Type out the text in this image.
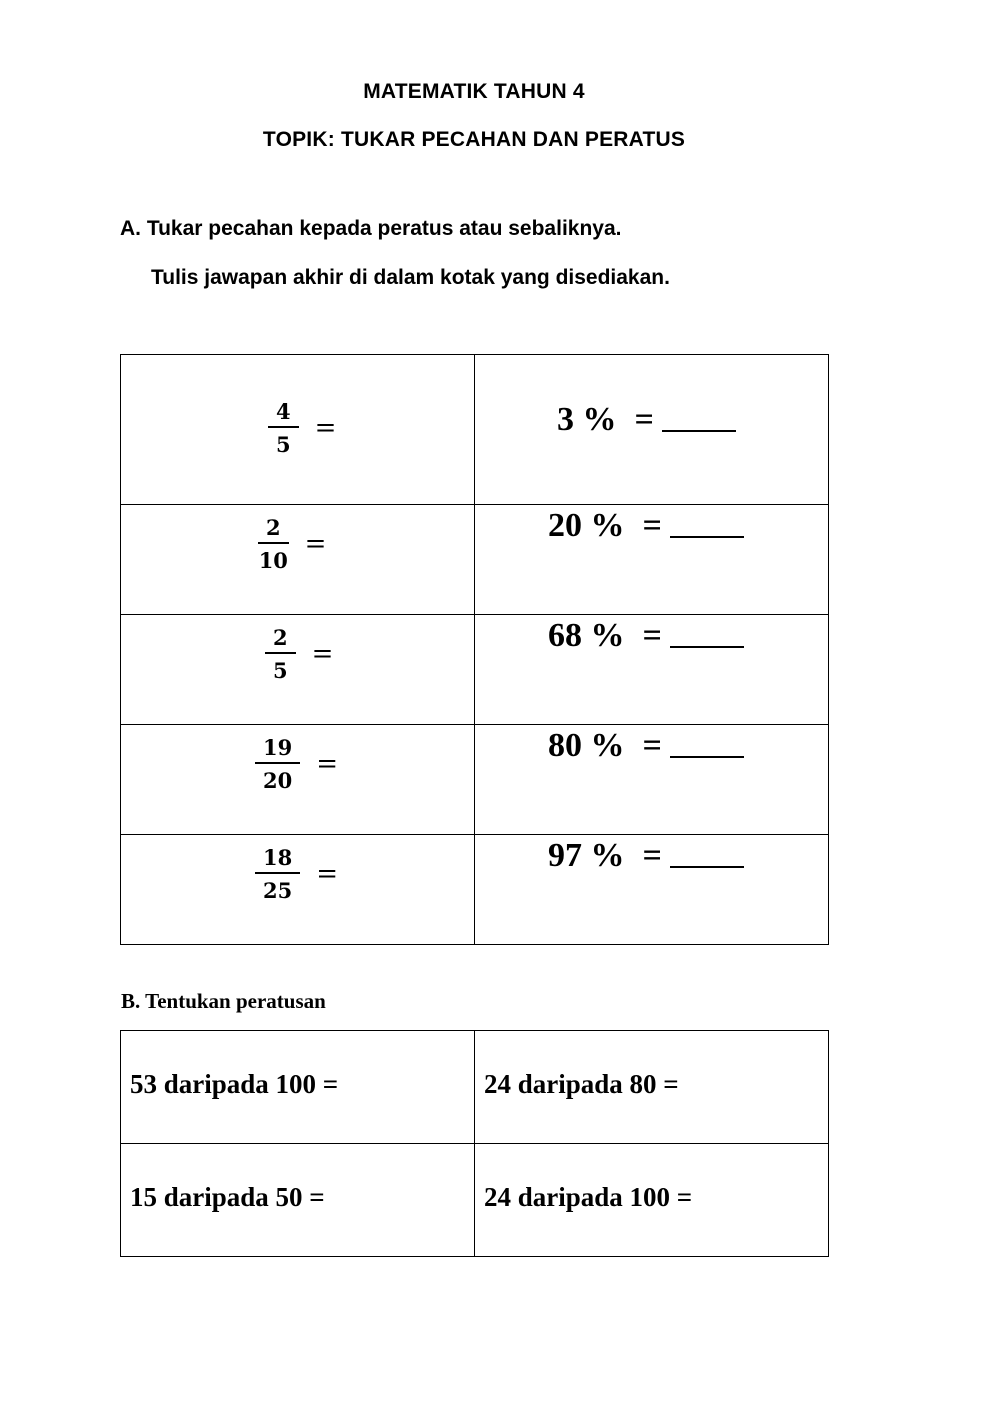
MATEMATIK TAHUN 4
TOPIK: TUKAR PECAHAN DAN PERATUS
A. Tukar pecahan kepada peratus atau sebaliknya.
Tulis jawapan akhir di dalam kotak yang disediakan.
$\frac{4}{5}$ =	3 % =

$\frac{2}{10}$ =	20 % =

$\frac{2}{5}$ =	68 % =

$\frac{19}{20}$ =	80 % =

$\frac{18}{25}$ =	97 % =
B. Tentukan peratusan
53 daripada 100 =	24 daripada 80 =

15 daripada 50 =	24 daripada 100 =
